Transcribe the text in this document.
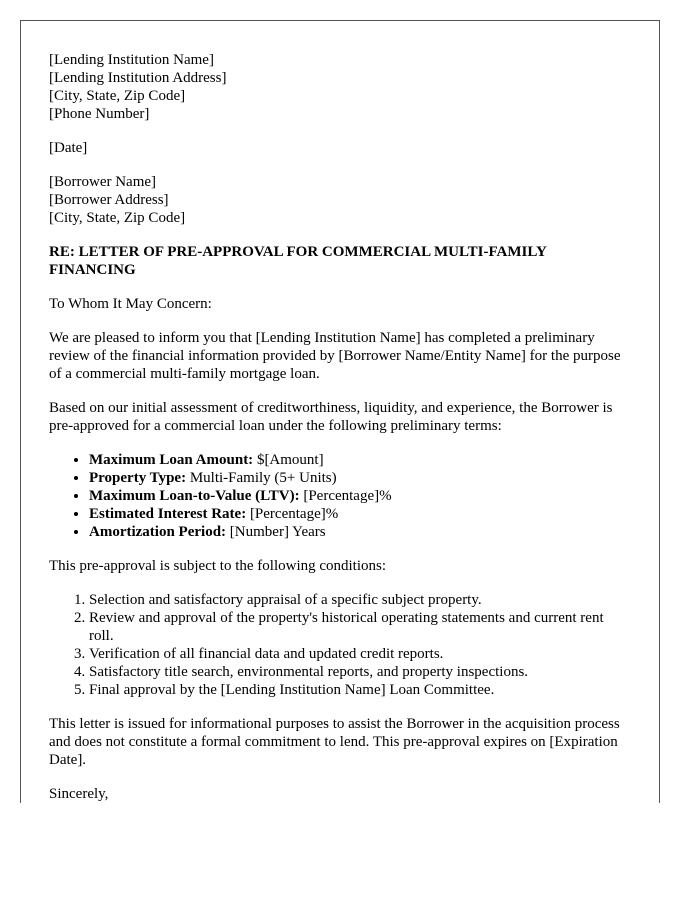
[Lending Institution Name]
[Lending Institution Address]
[City, State, Zip Code]
[Phone Number]
[Date]
[Borrower Name]
[Borrower Address]
[City, State, Zip Code]
RE: LETTER OF PRE-APPROVAL FOR COMMERCIAL MULTI-FAMILY FINANCING

To Whom It May Concern:

We are pleased to inform you that [Lending Institution Name] has completed a preliminary review of the financial information provided by [Borrower Name/Entity Name] for the purpose of a commercial multi-family mortgage loan.

Based on our initial assessment of creditworthiness, liquidity, and experience, the Borrower is pre-approved for a commercial loan under the following preliminary terms:

• Maximum Loan Amount: $[Amount]
• Property Type: Multi-Family (5+ Units)
• Maximum Loan-to-Value (LTV): [Percentage]%
• Estimated Interest Rate: [Percentage]%
• Amortization Period: [Number] Years

This pre-approval is subject to the following conditions:

1. Selection and satisfactory appraisal of a specific subject property.
2. Review and approval of the property's historical operating statements and current rent roll.
3. Verification of all financial data and updated credit reports.
4. Satisfactory title search, environmental reports, and property inspections.
5. Final approval by the [Lending Institution Name] Loan Committee.

This letter is issued for informational purposes to assist the Borrower in the acquisition process and does not constitute a formal commitment to lend. This pre-approval expires on [Expiration Date].

Sincerely,
